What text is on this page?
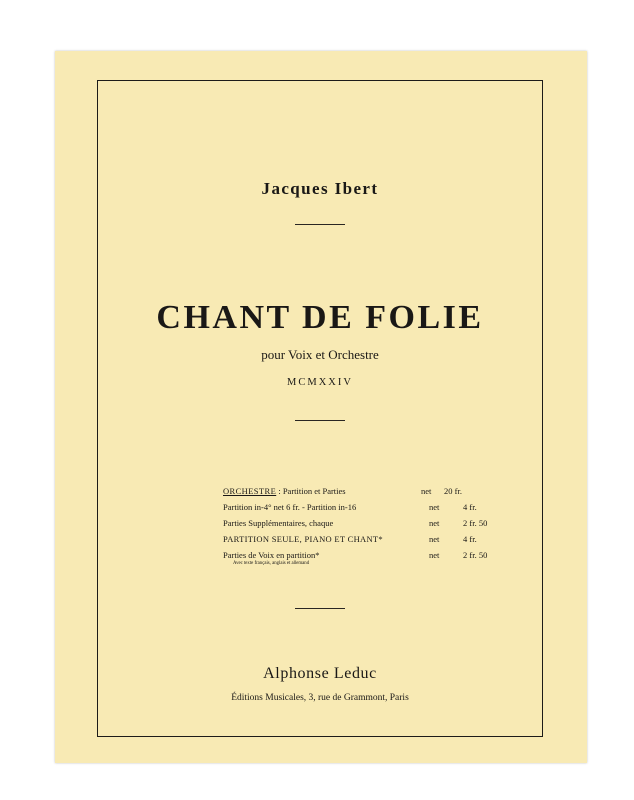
Jacques Ibert
CHANT DE FOLIE
pour Voix et Orchestre
MCMXXIV
ORCHESTRE : Partition et Parties	net 20 fr.
Partition in-4° net 6 fr. - Partition in-16	net	4 fr.
Parties Supplémentaires, chaque	net	2 fr. 50
PARTITION SEULE, PIANO ET CHANT*	net	4 fr.
Parties de Voix en partition*	net	2 fr. 50
Avec texte français, anglais et allemand
Alphonse Leduc
Éditions Musicales, 3, rue de Grammont, Paris
